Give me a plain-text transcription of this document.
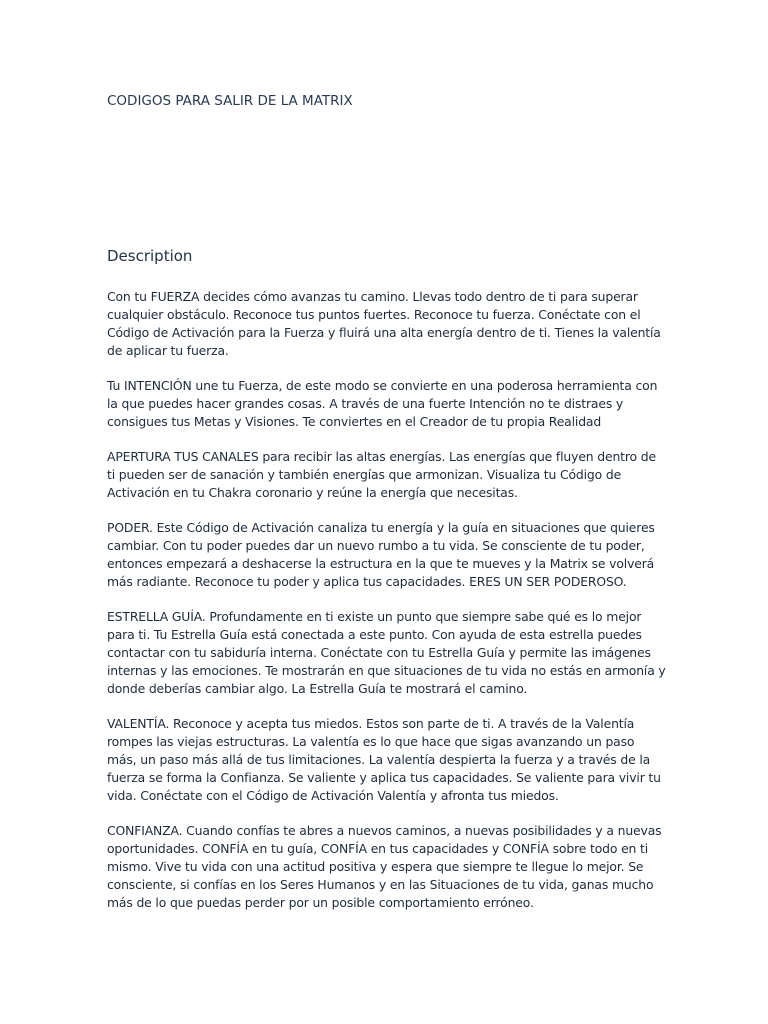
CODIGOS PARA SALIR DE LA MATRIX
Description

Con tu FUERZA decides cómo avanzas tu camino. Llevas todo dentro de ti para superar cualquier obstáculo. Reconoce tus puntos fuertes. Reconoce tu fuerza. Conéctate con el Código de Activación para la Fuerza y fluirá una alta energía dentro de ti. Tienes la valentía de aplicar tu fuerza.

Tu INTENCIÓN une tu Fuerza, de este modo se convierte en una poderosa herramienta con la que puedes hacer grandes cosas. A través de una fuerte Intención no te distraes y consigues tus Metas y Visiones. Te conviertes en el Creador de tu propia Realidad

APERTURA TUS CANALES para recibir las altas energías. Las energías que fluyen dentro de ti pueden ser de sanación y también energías que armonizan. Visualiza tu Código de Activación en tu Chakra coronario y reúne la energía que necesitas.

PODER. Este Código de Activación canaliza tu energía y la guía en situaciones que quieres cambiar. Con tu poder puedes dar un nuevo rumbo a tu vida. Se consciente de tu poder, entonces empezará a deshacerse la estructura en la que te mueves y la Matrix se volverá más radiante. Reconoce tu poder y aplica tus capacidades. ERES UN SER PODEROSO.

ESTRELLA GUÍA. Profundamente en ti existe un punto que siempre sabe qué es lo mejor para ti. Tu Estrella Guía está conectada a este punto. Con ayuda de esta estrella puedes contactar con tu sabiduría interna. Conéctate con tu Estrella Guía y permite las imágenes internas y las emociones. Te mostrarán en que situaciones de tu vida no estás en armonía y donde deberías cambiar algo. La Estrella Guía te mostrará el camino.

VALENTÍA. Reconoce y acepta tus miedos. Estos son parte de ti. A través de la Valentía rompes las viejas estructuras. La valentía es lo que hace que sigas avanzando un paso más, un paso más allá de tus limitaciones. La valentía despierta la fuerza y a través de la fuerza se forma la Confianza. Se valiente y aplica tus capacidades. Se valiente para vivir tu vida. Conéctate con el Código de Activación Valentía y afronta tus miedos.

CONFIANZA. Cuando confías te abres a nuevos caminos, a nuevas posibilidades y a nuevas oportunidades. CONFÍA en tu guía, CONFÍA en tus capacidades y CONFÍA sobre todo en ti mismo. Vive tu vida con una actitud positiva y espera que siempre te llegue lo mejor. Se consciente, si confías en los Seres Humanos y en las Situaciones de tu vida, ganas mucho más de lo que puedas perder por un posible comportamiento erróneo.
